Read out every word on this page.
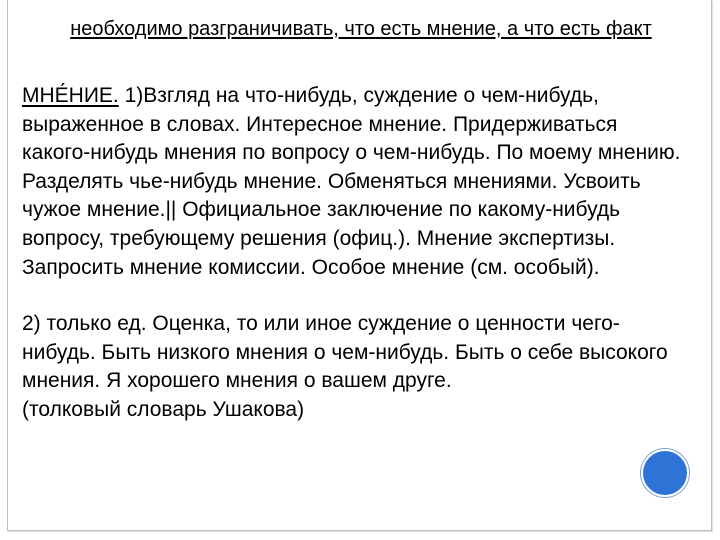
необходимо разграничивать, что есть мнение, а что есть факт
МНЕ́НИЕ. 1)Взгляд на что-нибудь, суждение о чем-нибудь, выраженное в словах. Интересное мнение. Придерживаться какого-нибудь мнения по вопросу о чем-нибудь. По моему мнению. Разделять чье-нибудь мнение. Обменяться мнениями. Усвоить чужое мнение.|| Официальное заключение по какому-нибудь вопросу, требующему решения (офиц.). Мнение экспертизы. Запросить мнение комиссии. Особое мнение (см. особый).
2) только ед. Оценка, то или иное суждение о ценности чего-нибудь. Быть низкого мнения о чем-нибудь. Быть о себе высокого мнения. Я хорошего мнения о вашем друге.
(толковый словарь Ушакова)
